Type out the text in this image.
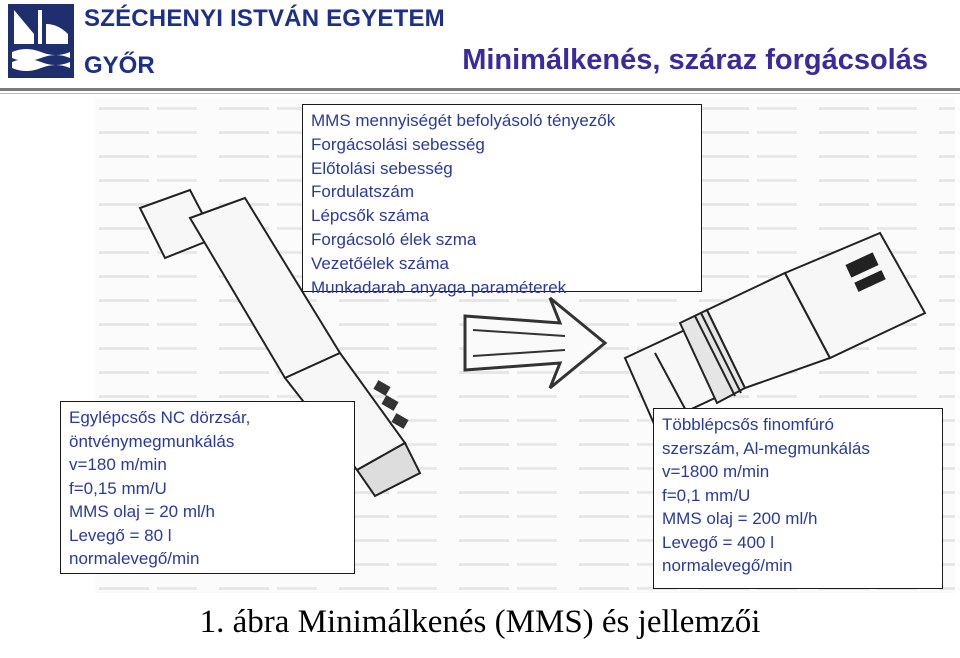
SZÉCHENYI ISTVÁN EGYETEM
GYŐR	Minimálkenés, száraz forgácsolás
MMS mennyiségét befolyásoló tényezők
Forgácsolási sebesség
Előtolási sebesség
Fordulatszám
Lépcsők száma
Forgácsoló élek szma
Vezetőélek száma
Munkadarab anyaga paraméterek
Egylépcsős NC dörzsár,
öntvénymegmunkálás
v=180 m/min
f=0,15 mm/U
MMS olaj = 20 ml/h
Levegő = 80 l
normalevegő/min
Többlépcsős finomfúró
szerszám, Al-megmunkálás
v=1800 m/min
f=0,1 mm/U
MMS olaj = 200 ml/h
Levegő = 400 l
normalevegő/min
1. ábra Minimálkenés (MMS) és jellemzői
